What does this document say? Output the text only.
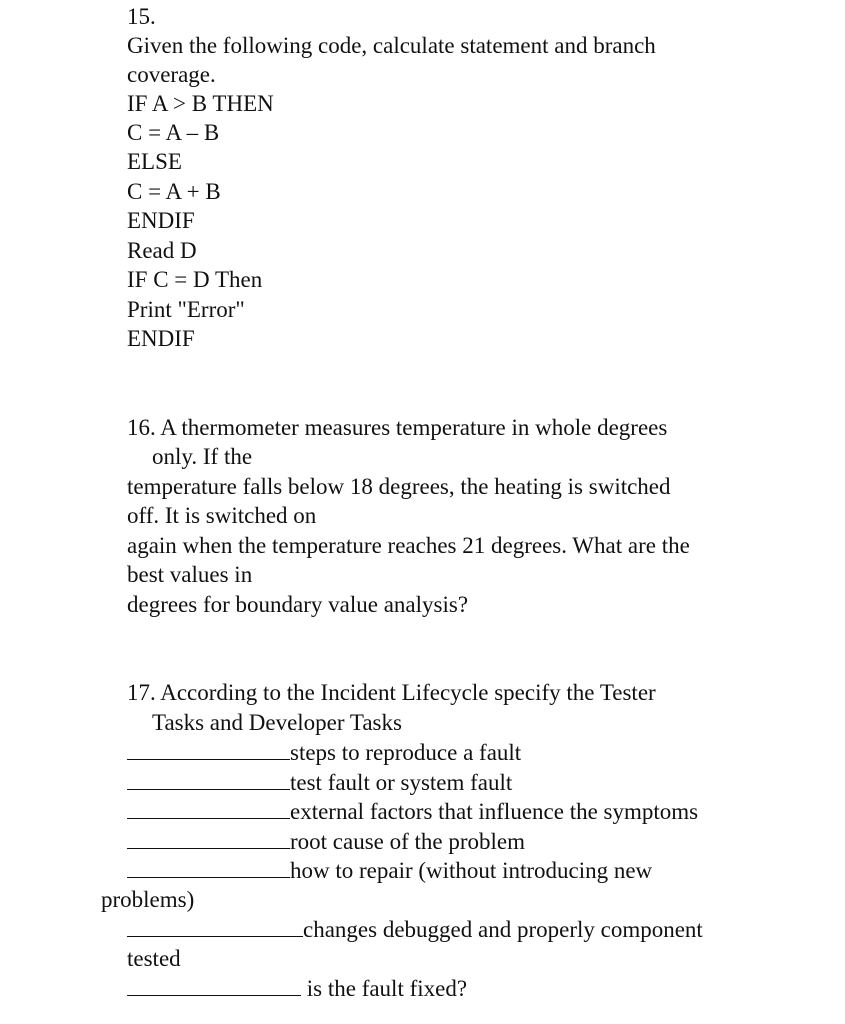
15.
Given the following code, calculate statement and branch
coverage.
IF A > B THEN
C = A – B
ELSE
C = A + B
ENDIF
Read D
IF C = D Then
Print "Error"
ENDIF
16. A thermometer measures temperature in whole degrees
only. If the
temperature falls below 18 degrees, the heating is switched
off. It is switched on
again when the temperature reaches 21 degrees. What are the
best values in
degrees for boundary value analysis?
17. According to the Incident Lifecycle specify the Tester
Tasks and Developer Tasks
steps to reproduce a fault
test fault or system fault
external factors that influence the symptoms
root cause of the problem
how to repair (without introducing new
problems)
changes debugged and properly component
tested
is the fault fixed?
